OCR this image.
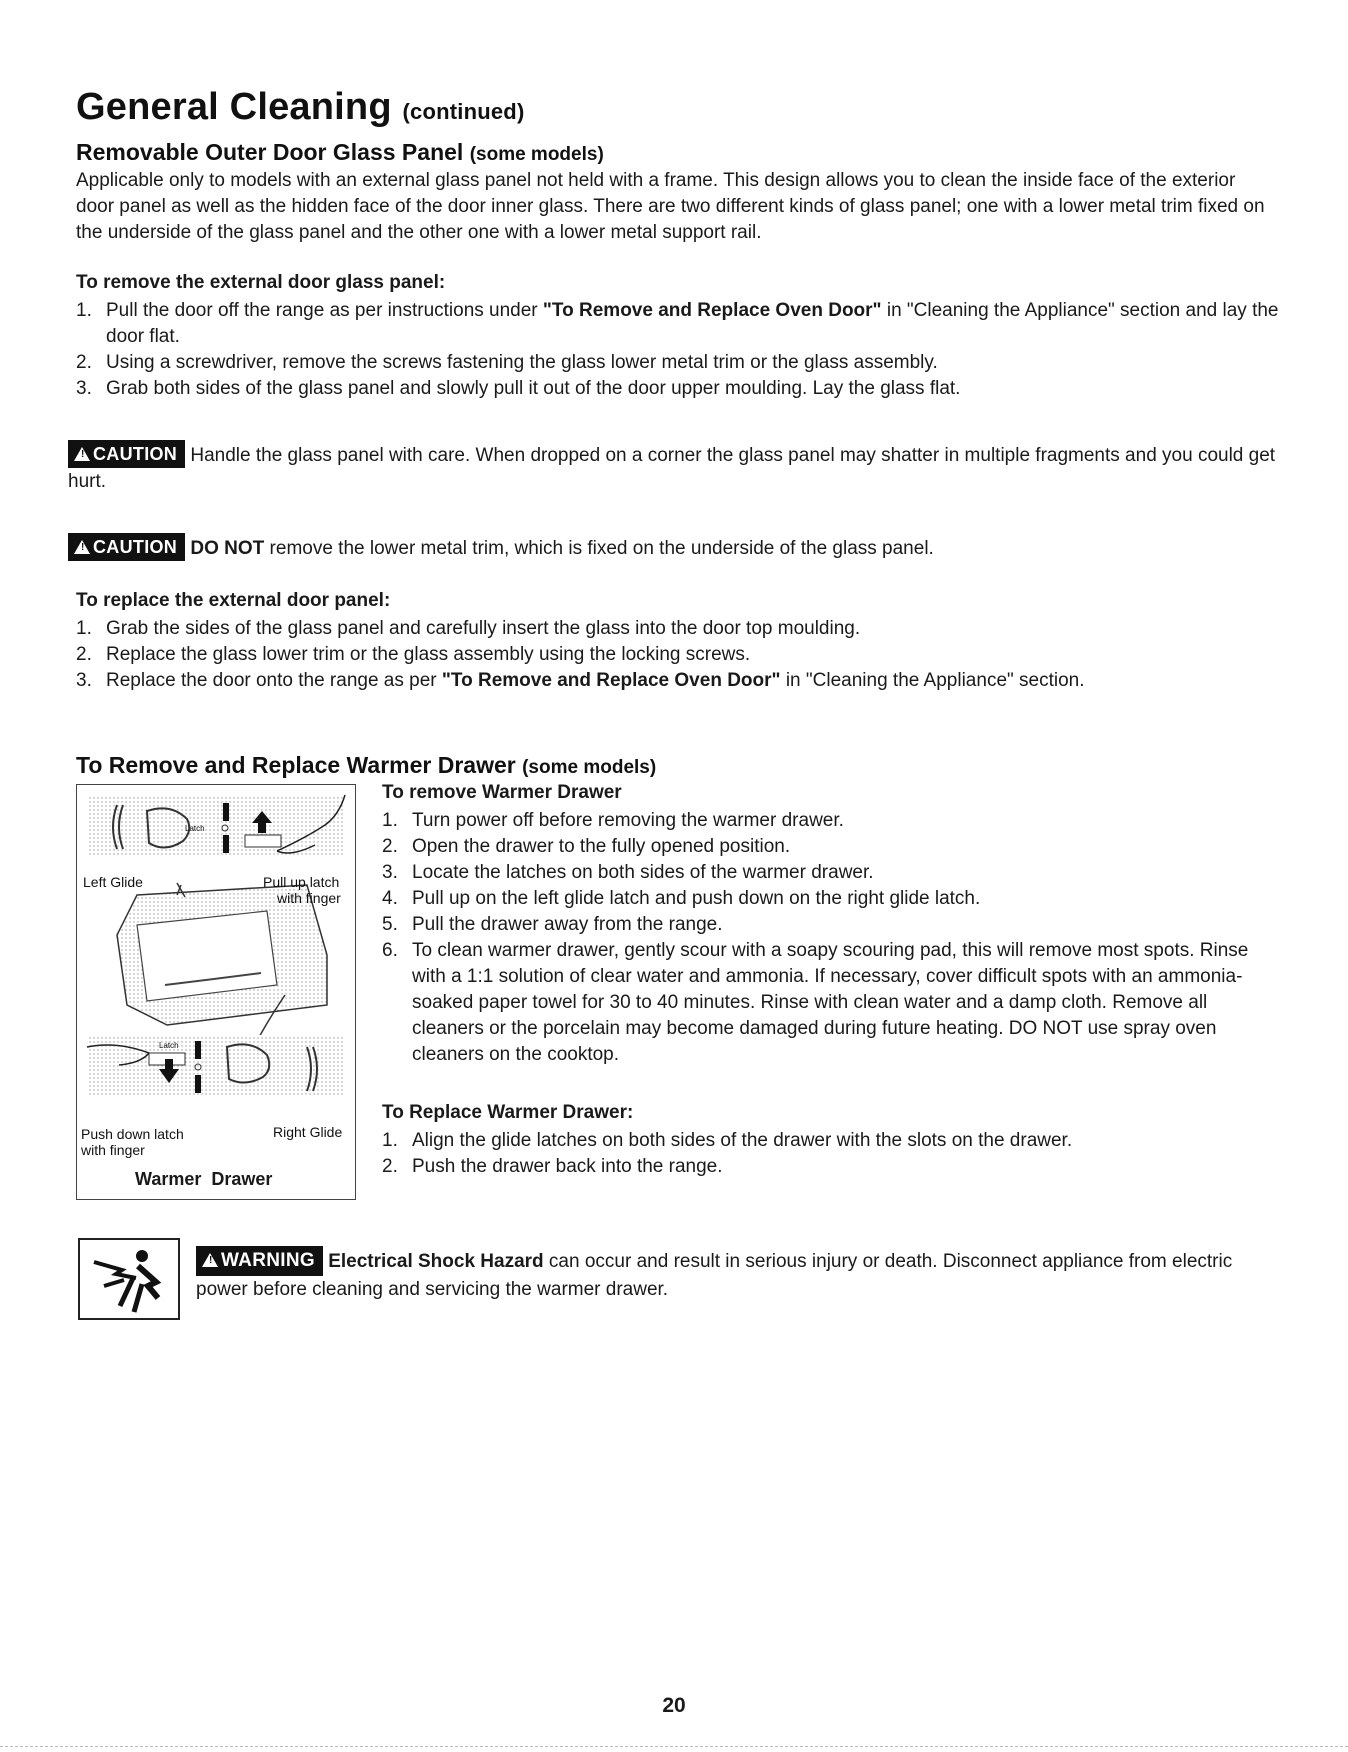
General Cleaning (continued)
Removable Outer Door Glass Panel (some models)

Applicable only to models with an external glass panel not held with a frame. This design allows you to clean the inside face of the exterior door panel as well as the hidden face of the door inner glass. There are two different kinds of glass panel; one with a lower metal trim fixed on the underside of the glass panel and the other one with a lower metal support rail.

To remove the external door glass panel:

1. Pull the door off the range as per instructions under "To Remove and Replace Oven Door" in "Cleaning the Appliance" section and lay the door flat.
2. Using a screwdriver, remove the screws fastening the glass lower metal trim or the glass assembly.
3. Grab both sides of the glass panel and slowly pull it out of the door upper moulding. Lay the glass flat.

! CAUTION Handle the glass panel with care. When dropped on a corner the glass panel may shatter in multiple fragments and you could get hurt.

! CAUTION DO NOT remove the lower metal trim, which is fixed on the underside of the glass panel.

To replace the external door panel:

1. Grab the sides of the glass panel and carefully insert the glass into the door top moulding.
2. Replace the glass lower trim or the glass assembly using the locking screws.
3. Replace the door onto the range as per "To Remove and Replace Oven Door" in "Cleaning the Appliance" section.
To Remove and Replace Warmer Drawer (some models)
Left Glide	Pull up latch
with finger
Latch
Latch
Push down latch
with finger
Right Glide
Warmer  Drawer

To remove Warmer Drawer

1. Turn power off before removing the warmer drawer.
2. Open the drawer to the fully opened position.
3. Locate the latches on both sides of the warmer drawer.
4. Pull up on the left glide latch and push down on the right glide latch.
5. Pull the drawer away from the range.
6. To clean warmer drawer, gently scour with a soapy scouring pad, this will remove most spots. Rinse with a 1:1 solution of clear water and ammonia. If necessary, cover difficult spots with an ammonia-soaked paper towel for 30 to 40 minutes. Rinse with clean water and a damp cloth. Remove all cleaners or the porcelain may become damaged during future heating. DO NOT use spray oven cleaners on the cooktop.

To Replace Warmer Drawer:

1. Align the glide latches on both sides of the drawer with the slots on the drawer.
2. Push the drawer back into the range.

! WARNING Electrical Shock Hazard can occur and result in serious injury or death. Disconnect appliance from electric power before cleaning and servicing the warmer drawer.

20
